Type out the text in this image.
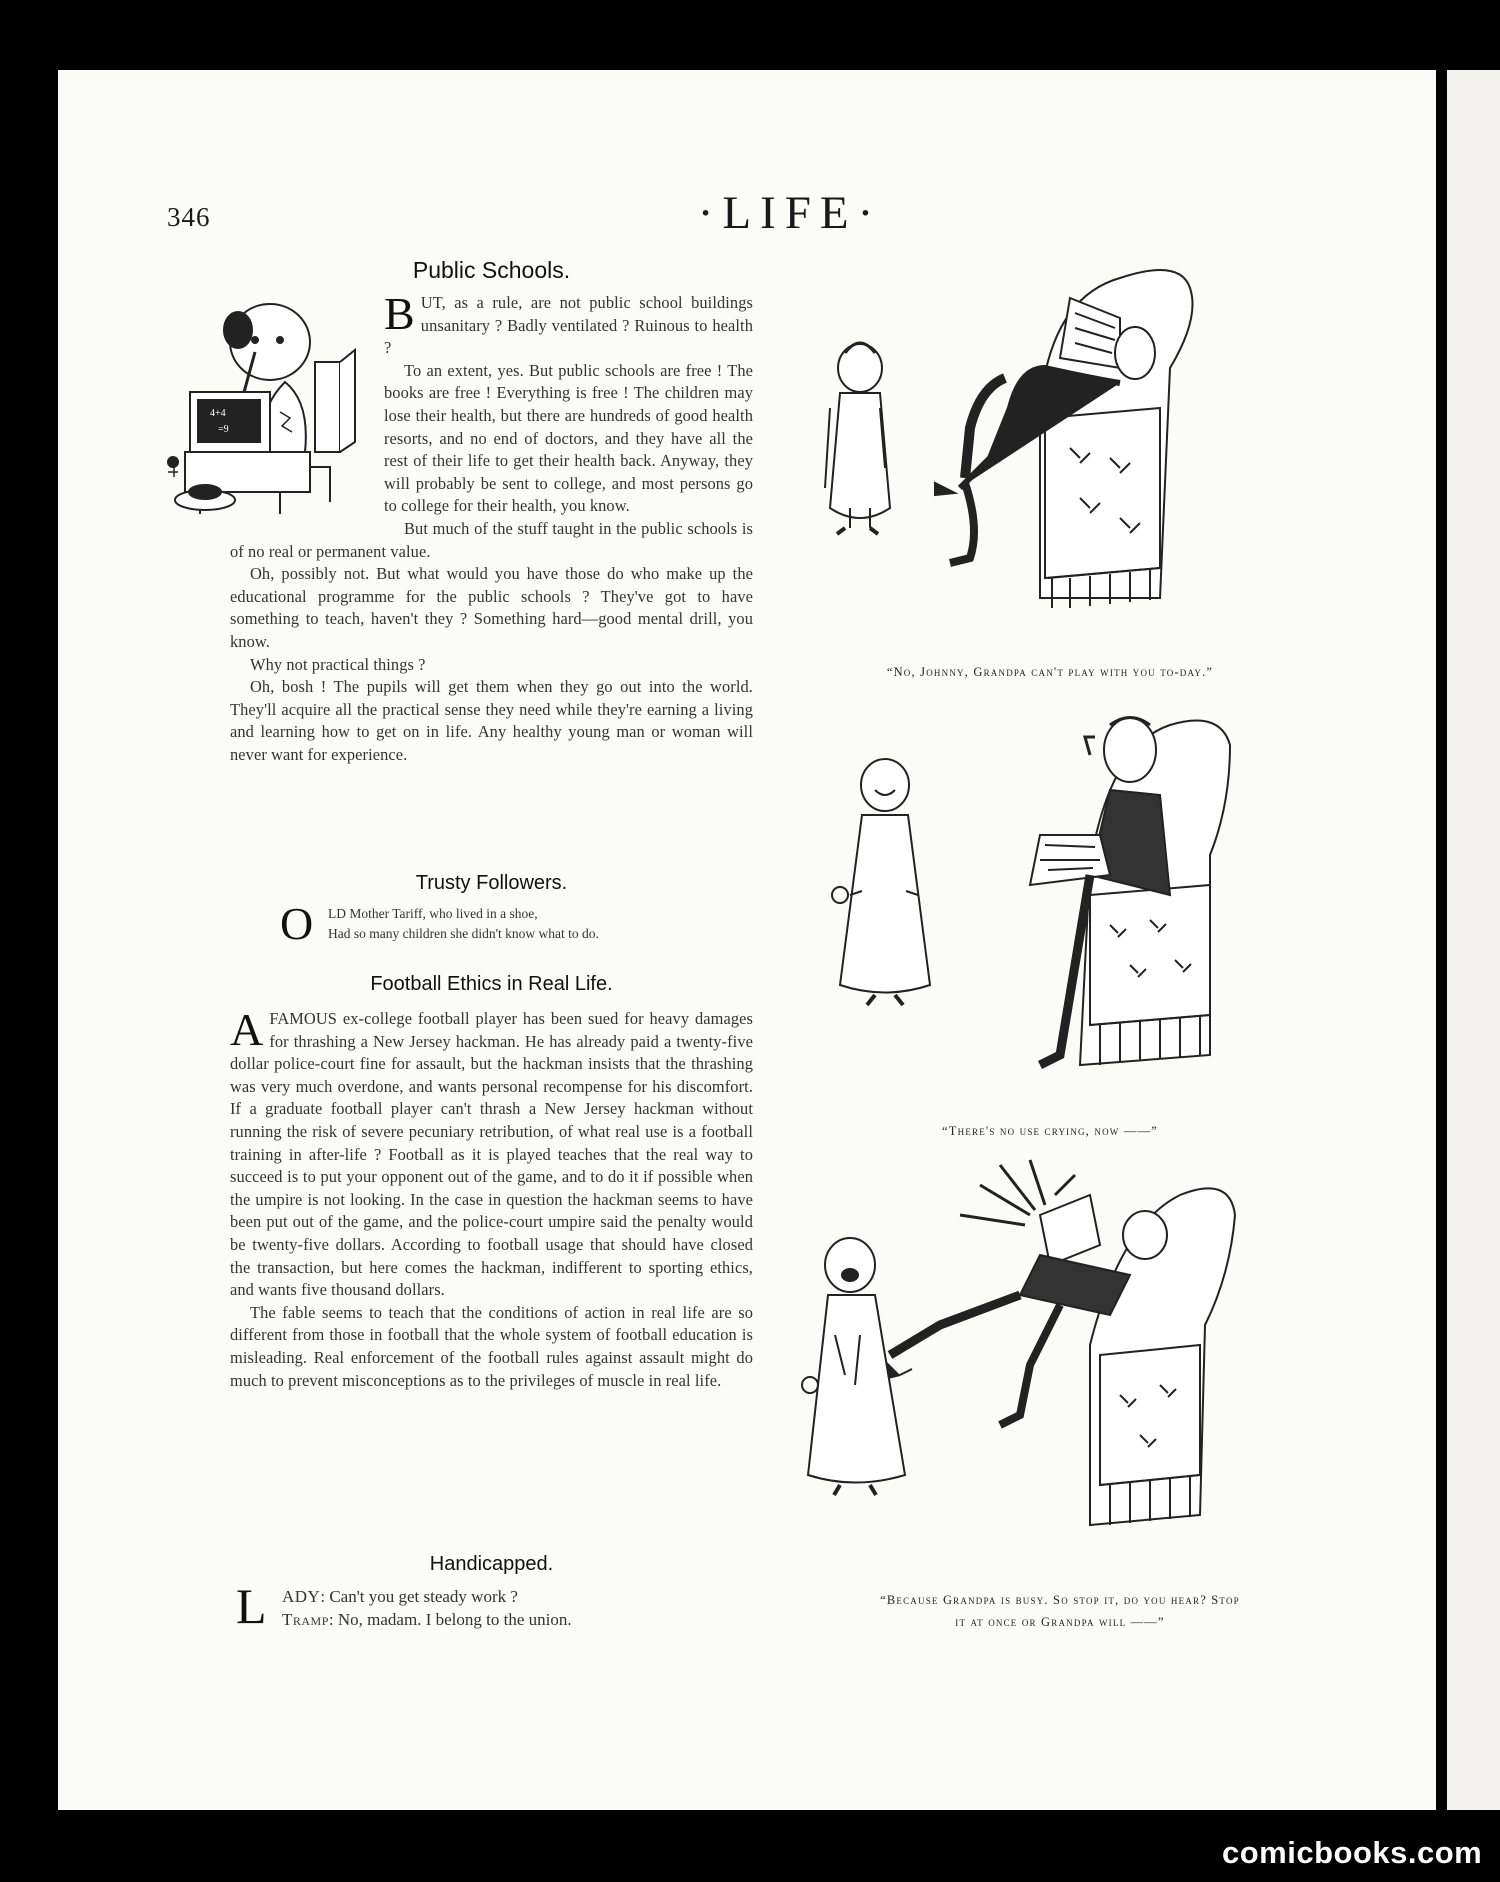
346	·LIFE·
Public Schools.
4+4
=9

BUT, as a rule, are not public school buildings unsanitary ? Badly ventilated ? Ruinous to health ?

To an extent, yes. But public schools are free ! The books are free ! Everything is free ! The children may lose their health, but there are hundreds of good health resorts, and no end of doctors, and they have all the rest of their life to get their health back. Anyway, they will probably be sent to college, and most persons go to college for their health, you know.

But much of the stuff taught in the public schools is of no real or permanent value.

Oh, possibly not. But what would you have those do who make up the educational programme for the public schools ? They've got to have something to teach, haven't they ? Something hard—good mental drill, you know.

Why not practical things ?

Oh, bosh ! The pupils will get them when they go out into the world. They'll acquire all the practical sense they need while they're earning a living and learning how to get on in life. Any healthy young man or woman will never want for experience.

Trusty Followers.
O LD Mother Tariff, who lived in a shoe,
Had so many children she didn't know what to do.
Football Ethics in Real Life.

AFAMOUS ex-college football player has been sued for heavy damages for thrashing a New Jersey hackman. He has already paid a twenty-five dollar police-court fine for assault, but the hackman insists that the thrashing was very much overdone, and wants personal recompense for his discomfort. If a graduate football player can't thrash a New Jersey hackman without running the risk of severe pecuniary retribution, of what real use is a football training in after-life ? Football as it is played teaches that the real way to succeed is to put your opponent out of the game, and to do it if possible when the umpire is not looking. In the case in question the hackman seems to have been put out of the game, and the police-court umpire said the penalty would be twenty-five dollars. According to football usage that should have closed the transaction, but here comes the hackman, indifferent to sporting ethics, and wants five thousand dollars.

The fable seems to teach that the conditions of action in real life are so different from those in football that the whole system of football education is misleading. Real enforcement of the football rules against assault might do much to prevent misconceptions as to the privileges of muscle in real life.

Handicapped.
L ADY: Can't you get steady work ?
Tramp: No, madam. I belong to the union.
“No, Johnny, Grandpa can't play with you to-day.”
“There's no use crying, now ——”
“Because Grandpa is busy. So stop it, do you hear? Stop
it at once or Grandpa will ——”
comicbooks.com
